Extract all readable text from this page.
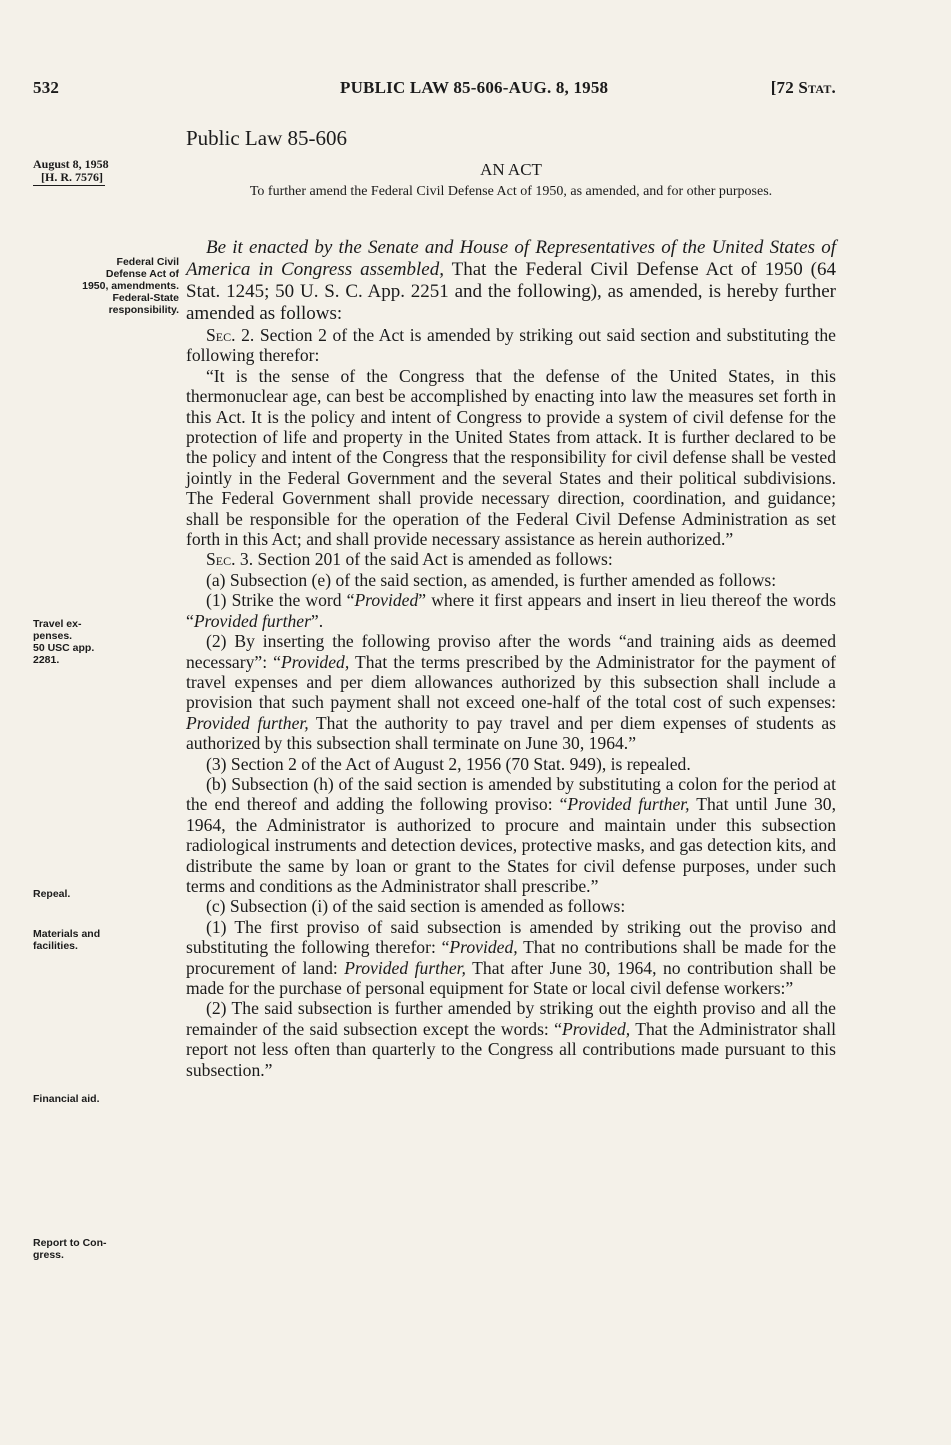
532	PUBLIC LAW 85-606-AUG. 8, 1958	[72 Stat.
Public Law 85-606
AN ACT
To further amend the Federal Civil Defense Act of 1950, as amended, and for other purposes.
August 8, 1958
[H. R. 7576]
Federal Civil
Defense Act of
1950, amendments.
Federal-State
responsibility.
Travel ex-
penses.
50 USC app.
2281.
Repeal.
Materials and
facilities.
Financial aid.
Report to Con-
gress.

Be it enacted by the Senate and House of Representatives of the United States of America in Congress assembled, That the Federal Civil Defense Act of 1950 (64 Stat. 1245; 50 U. S. C. App. 2251 and the following), as amended, is hereby further amended as follows:

Sec. 2. Section 2 of the Act is amended by striking out said section and substituting the following therefor:

“It is the sense of the Congress that the defense of the United States, in this thermonuclear age, can best be accomplished by enacting into law the measures set forth in this Act. It is the policy and intent of Congress to provide a system of civil defense for the protection of life and property in the United States from attack. It is further declared to be the policy and intent of the Congress that the responsibility for civil defense shall be vested jointly in the Federal Government and the several States and their political subdivisions. The Federal Government shall provide necessary direction, coordination, and guidance; shall be responsible for the operation of the Federal Civil Defense Administration as set forth in this Act; and shall provide necessary assistance as herein authorized.”

Sec. 3. Section 201 of the said Act is amended as follows:

(a) Subsection (e) of the said section, as amended, is further amended as follows:

(1) Strike the word “Provided” where it first appears and insert in lieu thereof the words “Provided further”.

(2) By inserting the following proviso after the words “and training aids as deemed necessary”: “Provided, That the terms prescribed by the Administrator for the payment of travel expenses and per diem allowances authorized by this subsection shall include a provision that such payment shall not exceed one-half of the total cost of such expenses: Provided further, That the authority to pay travel and per diem expenses of students as authorized by this subsection shall terminate on June 30, 1964.”

(3) Section 2 of the Act of August 2, 1956 (70 Stat. 949), is repealed.

(b) Subsection (h) of the said section is amended by substituting a colon for the period at the end thereof and adding the following proviso: “Provided further, That until June 30, 1964, the Administrator is authorized to procure and maintain under this subsection radiological instruments and detection devices, protective masks, and gas detection kits, and distribute the same by loan or grant to the States for civil defense purposes, under such terms and conditions as the Administrator shall prescribe.”

(c) Subsection (i) of the said section is amended as follows:

(1) The first proviso of said subsection is amended by striking out the proviso and substituting the following therefor: “Provided, That no contributions shall be made for the procurement of land: Provided further, That after June 30, 1964, no contribution shall be made for the purchase of personal equipment for State or local civil defense workers:”

(2) The said subsection is further amended by striking out the eighth proviso and all the remainder of the said subsection except the words: “Provided, That the Administrator shall report not less often than quarterly to the Congress all contributions made pursuant to this subsection.”
